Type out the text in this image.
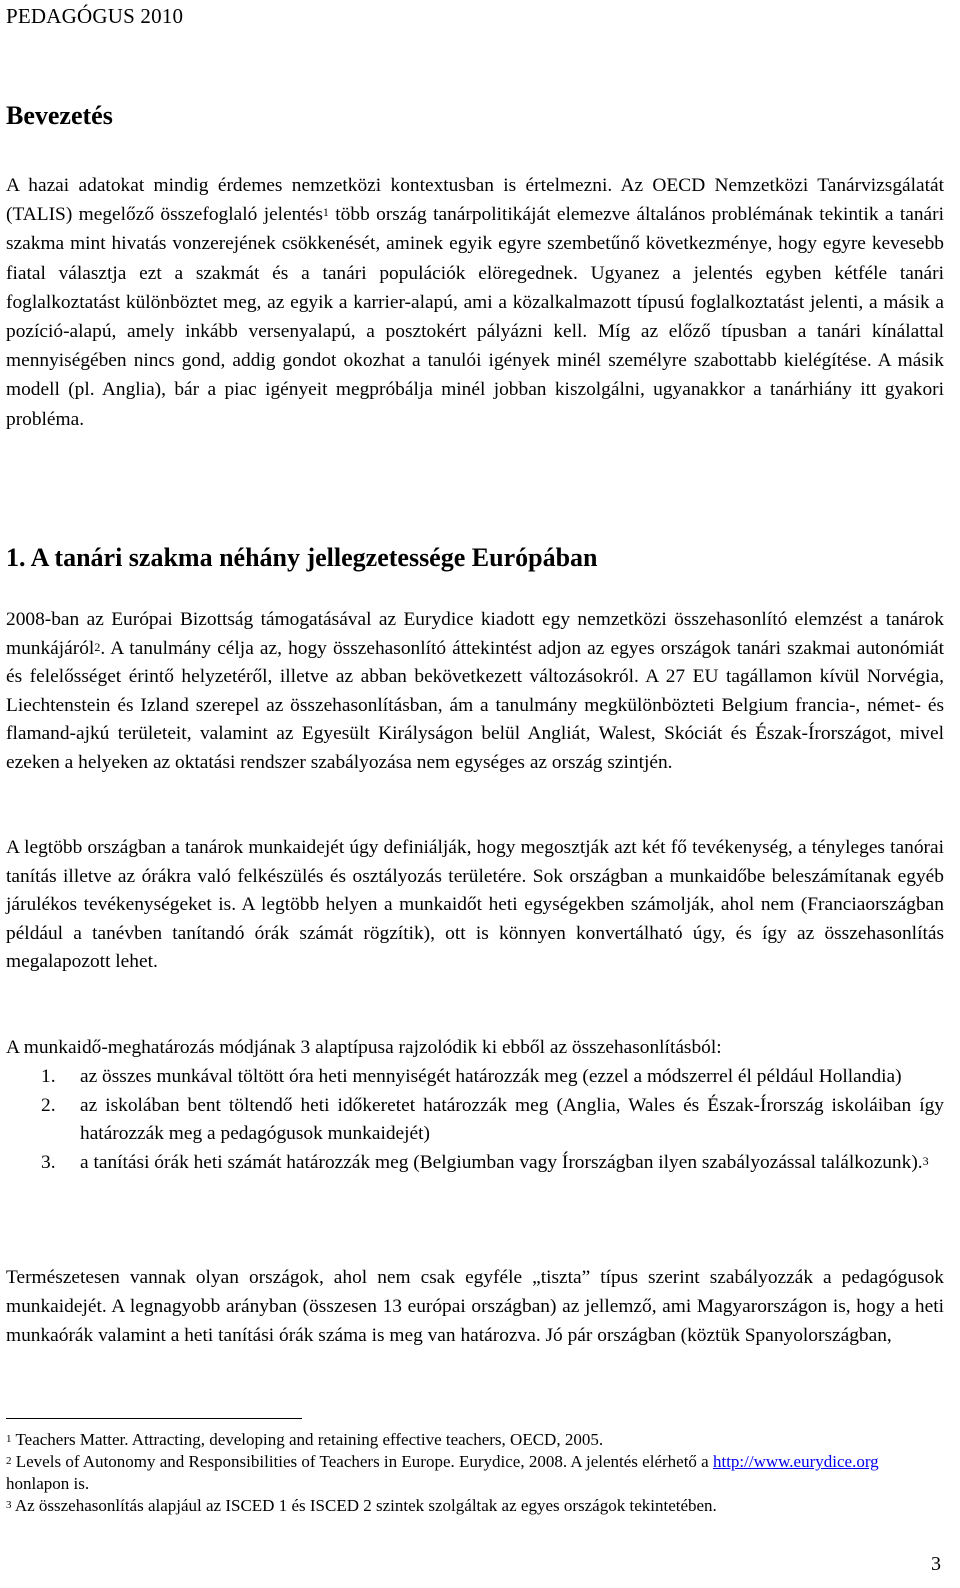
PEDAGÓGUS 2010
Bevezetés

A hazai adatokat mindig érdemes nemzetközi kontextusban is értelmezni. Az OECD Nemzetközi Tanárvizsgálatát (TALIS) megelőző összefoglaló jelentés$^1$ több ország tanárpolitikáját elemezve általános problémának tekintik a tanári szakma mint hivatás vonzerejének csökkenését, aminek egyik egyre szembetűnő következménye, hogy egyre kevesebb fiatal választja ezt a szakmát és a tanári populációk elöregednek. Ugyanez a jelentés egyben kétféle tanári foglalkoztatást különböztet meg, az egyik a karrier-alapú, ami a közalkalmazott típusú foglalkoztatást jelenti, a másik a pozíció-alapú, amely inkább versenyalapú, a posztokért pályázni kell. Míg az előző típusban a tanári kínálattal mennyiségében nincs gond, addig gondot okozhat a tanulói igények minél személyre szabottabb kielégítése. A másik modell (pl. Anglia), bár a piac igényeit megpróbálja minél jobban kiszolgálni, ugyanakkor a tanárhiány itt gyakori probléma.

1. A tanári szakma néhány jellegzetessége Európában

2008-ban az Európai Bizottság támogatásával az Eurydice kiadott egy nemzetközi összehasonlító elemzést a tanárok munkájáról$^2$. A tanulmány célja az, hogy összehasonlító áttekintést adjon az egyes országok tanári szakmai autonómiát és felelősséget érintő helyzetéről, illetve az abban bekövetkezett változásokról. A 27 EU tagállamon kívül Norvégia, Liechtenstein és Izland szerepel az összehasonlításban, ám a tanulmány megkülönbözteti Belgium francia-, német- és flamand-ajkú területeit, valamint az Egyesült Királyságon belül Angliát, Walest, Skóciát és Észak-Írországot, mivel ezeken a helyeken az oktatási rendszer szabályozása nem egységes az ország szintjén.

A legtöbb országban a tanárok munkaidejét úgy definiálják, hogy megosztják azt két fő tevékenység, a tényleges tanórai tanítás illetve az órákra való felkészülés és osztályozás területére. Sok országban a munkaidőbe beleszámítanak egyéb járulékos tevékenységeket is. A legtöbb helyen a munkaidőt heti egységekben számolják, ahol nem (Franciaországban például a tanévben tanítandó órák számát rögzítik), ott is könnyen konvertálható úgy, és így az összehasonlítás megalapozott lehet.

A munkaidő-meghatározás módjának 3 alaptípusa rajzolódik ki ebből az összehasonlításból:

1. az összes munkával töltött óra heti mennyiségét határozzák meg (ezzel a módszerrel él például Hollandia)
2. az iskolában bent töltendő heti időkeretet határozzák meg (Anglia, Wales és Észak-Írország iskoláiban így határozzák meg a pedagógusok munkaidejét)
3. a tanítási órák heti számát határozzák meg (Belgiumban vagy Írországban ilyen szabályozással találkozunk).$^3$

Természetesen vannak olyan országok, ahol nem csak egyféle „tiszta” típus szerint szabályozzák a pedagógusok munkaidejét. A legnagyobb arányban (összesen 13 európai országban) az jellemző, ami Magyarországon is, hogy a heti munkaórák valamint a heti tanítási órák száma is meg van határozva. Jó pár országban (köztük Spanyolországban,

$^1$ Teachers Matter. Attracting, developing and retaining effective teachers, OECD, 2005.

$^2$ Levels of Autonomy and Responsibilities of Teachers in Europe. Eurydice, 2008. A jelentés elérhető a http://www.eurydice.org honlapon is.

$^3$ Az összehasonlítás alapjául az ISCED 1 és ISCED 2 szintek szolgáltak az egyes országok tekintetében.

3
